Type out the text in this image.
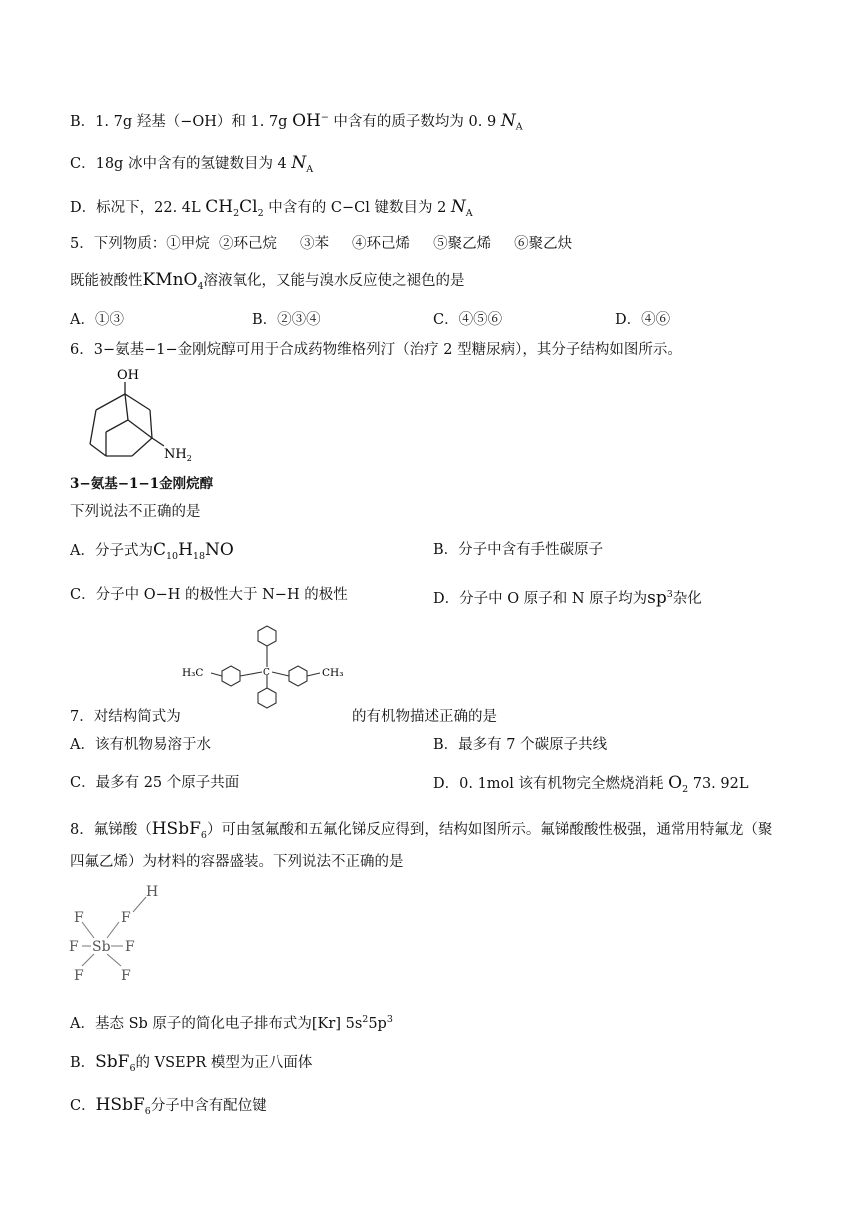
B．1. 7g 羟基（−OH）和 1. 7g OH− 中含有的质子数均为 0. 9 $N_A$
C．18g 冰中含有的氢键数目为 4 $N_A$
D．标况下，22. 4L $CH_2Cl_2$ 中含有的 C−Cl 键数目为 2 $N_A$
5．下列物质：①甲烷  ②环己烷     ③苯     ④环己烯     ⑤聚乙烯     ⑥聚乙炔
既能被酸性KMnO$_4$溶液氧化，又能与溴水反应使之褪色的是
A．①③	B．②③④	C．④⑤⑥	D．④⑥
6．3−氨基−1−金刚烷醇可用于合成药物维格列汀（治疗 2 型糖尿病），其分子结构如图所示。
OH
$NH_2$
3−氨基−1−1金刚烷醇
下列说法不正确的是
A．分子式为$C_{10}H_{18}NO$	B．分子中含有手性碳原子
C．分子中 O−H 的极性大于 N−H 的极性	D．分子中 O 原子和 N 原子均为$sp^3$杂化
H₃C	C	CH₃
7．对结构简式为	的有机物描述正确的是
A．该有机物易溶于水	B．最多有 7 个碳原子共线
C．最多有 25 个原子共面	D．0. 1mol 该有机物完全燃烧消耗 $O_2$ 73. 92L
8．氟锑酸（HSbF$_6$）可由氢氟酸和五氟化锑反应得到，结构如图所示。氟锑酸酸性极强，通常用特氟龙（聚
四氟乙烯）为材料的容器盛装。下列说法不正确的是
H
F	F
F Sb F
F	F
A．基态 Sb 原子的简化电子排布式为[Kr] $5s^25p^3$
B．SbF$_6$的 VSEPR 模型为正八面体
C．HSbF$_6$分子中含有配位键
